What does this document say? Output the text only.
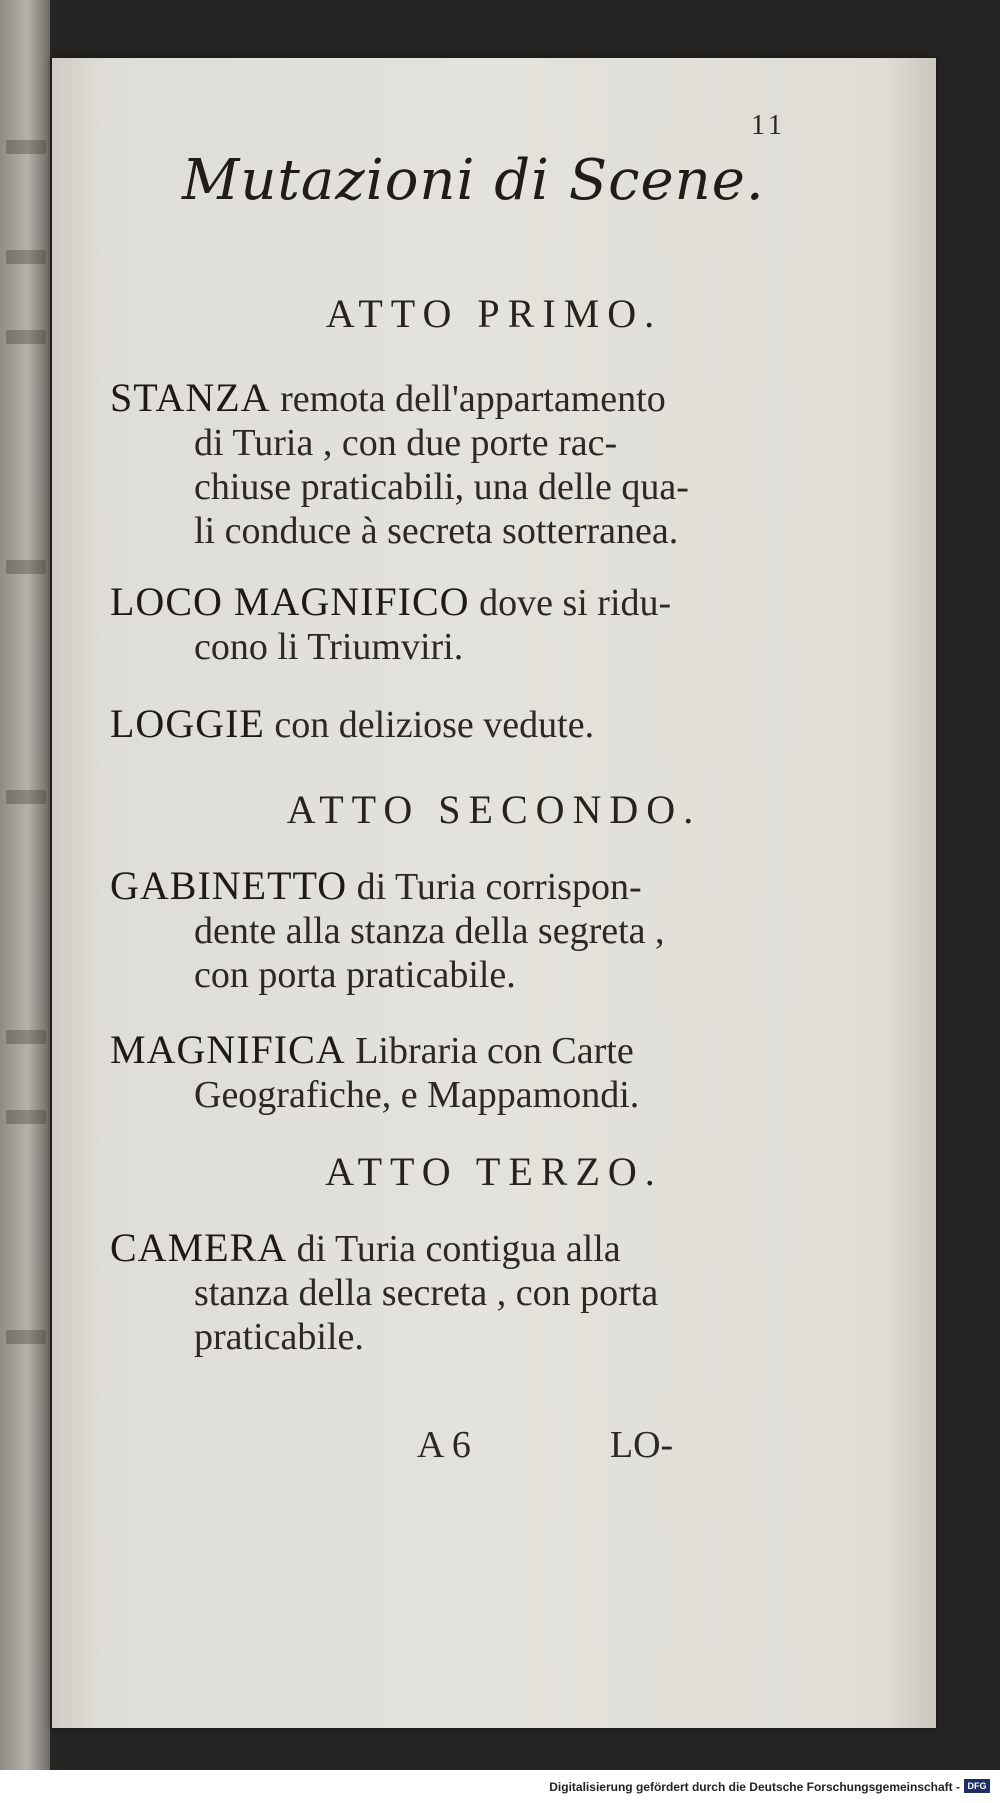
11
Mutazioni di Scene.
ATTO PRIMO.
STANZA remota dell'appartamento
di Turia , con due porte rac-
chiuse praticabili, una delle qua-
li conduce à secreta sotterranea.
LOCO MAGNIFICO dove si ridu-
cono li Triumviri.
LOGGIE con deliziose vedute.
ATTO SECONDO.
GABINETTO di Turia corrispon-
dente alla stanza della segreta ,
con porta praticabile.
MAGNIFICA Libraria con Carte
Geografiche, e Mappamondi.
ATTO TERZO.
CAMERA di Turia contigua alla
stanza della secreta , con porta
praticabile.
A 6	LO-
Digitalisierung gefördert durch die Deutsche Forschungsgemeinschaft - DFG
